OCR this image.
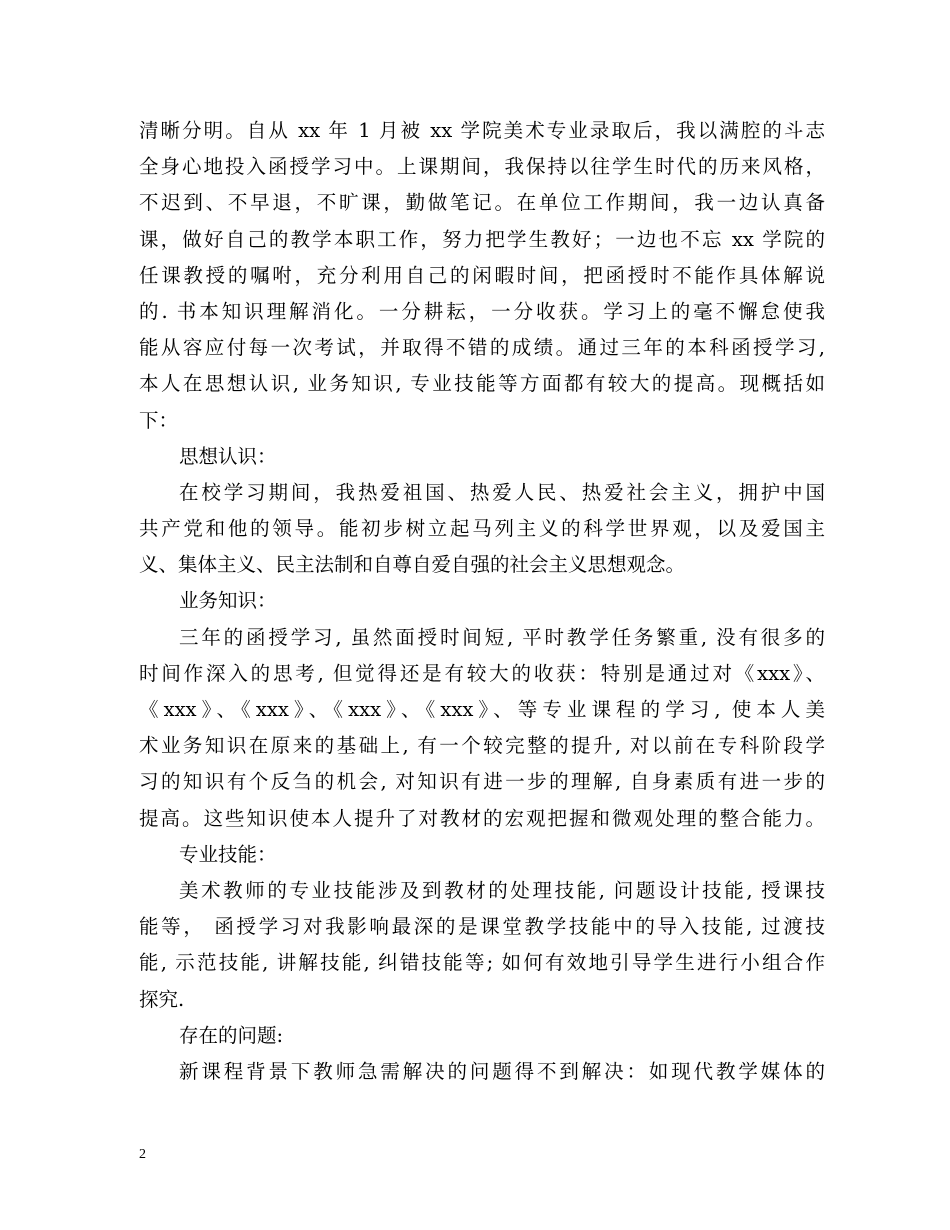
清晰分明。自从 xx 年 1 月被 xx 学院美术专业录取后，我以满腔的斗志
全身心地投入函授学习中。上课期间，我保持以往学生时代的历来风格，
不迟到、不早退，不旷课，勤做笔记。在单位工作期间，我一边认真备
课，做好自己的教学本职工作，努力把学生教好；一边也不忘 xx 学院的
任课教授的嘱咐，充分利用自己的闲暇时间，把函授时不能作具体解说
的. 书本知识理解消化。一分耕耘，一分收获。学习上的毫不懈怠使我
能从容应付每一次考试，并取得不错的成绩。通过三年的本科函授学习,
本人在思想认识, 业务知识, 专业技能等方面都有较大的提高。现概括如
下：
思想认识：
在校学习期间，我热爱祖国、热爱人民、热爱社会主义，拥护中国
共产党和他的领导。能初步树立起马列主义的科学世界观，以及爱国主
义、集体主义、民主法制和自尊自爱自强的社会主义思想观念。
业务知识：
三年的函授学习, 虽然面授时间短, 平时教学任务繁重, 没有很多的
时间作深入的思考, 但觉得还是有较大的收获：特别是通过对《xxx》、
《xxx》、《xxx》、《xxx》、《xxx》、等专业课程的学习, 使本人美
术业务知识在原来的基础上, 有一个较完整的提升, 对以前在专科阶段学
习的知识有个反刍的机会, 对知识有进一步的理解, 自身素质有进一步的
提高。这些知识使本人提升了对教材的宏观把握和微观处理的整合能力。
专业技能：
美术教师的专业技能涉及到教材的处理技能, 问题设计技能, 授课技
能等， 函授学习对我影响最深的是课堂教学技能中的导入技能, 过渡技
能, 示范技能, 讲解技能, 纠错技能等; 如何有效地引导学生进行小组合作
探究.
存在的问题:
新课程背景下教师急需解决的问题得不到解决：如现代教学媒体的
2
